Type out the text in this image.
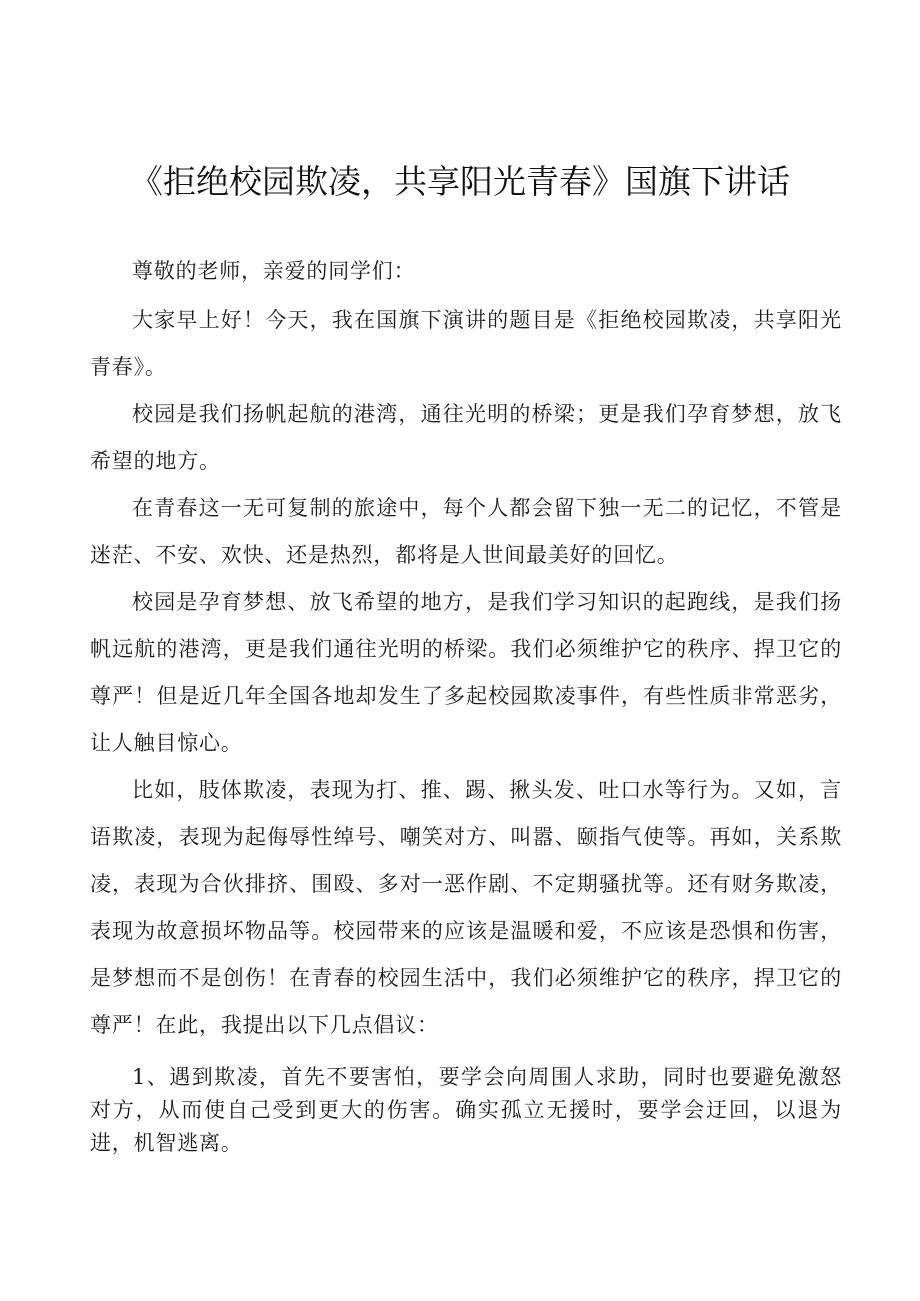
《拒绝校园欺凌，共享阳光青春》国旗下讲话

尊敬的老师，亲爱的同学们：

大家早上好！今天，我在国旗下演讲的题目是《拒绝校园欺凌，共享阳光青春》。

校园是我们扬帆起航的港湾，通往光明的桥梁；更是我们孕育梦想，放飞希望的地方。

在青春这一无可复制的旅途中，每个人都会留下独一无二的记忆，不管是迷茫、不安、欢快、还是热烈，都将是人世间最美好的回忆。

校园是孕育梦想、放飞希望的地方，是我们学习知识的起跑线，是我们扬帆远航的港湾，更是我们通往光明的桥梁。我们必须维护它的秩序、捍卫它的尊严！但是近几年全国各地却发生了多起校园欺凌事件，有些性质非常恶劣，让人触目惊心。

比如，肢体欺凌，表现为打、推、踢、揪头发、吐口水等行为。又如，言语欺凌，表现为起侮辱性绰号、嘲笑对方、叫嚣、颐指气使等。再如，关系欺凌，表现为合伙排挤、围殴、多对一恶作剧、不定期骚扰等。还有财务欺凌，表现为故意损坏物品等。校园带来的应该是温暖和爱，不应该是恐惧和伤害，是梦想而不是创伤！在青春的校园生活中，我们必须维护它的秩序，捍卫它的尊严！在此，我提出以下几点倡议：

1、遇到欺凌，首先不要害怕，要学会向周围人求助，同时也要避免激怒对方，从而使自己受到更大的伤害。确实孤立无援时，要学会迂回，以退为进，机智逃离。
